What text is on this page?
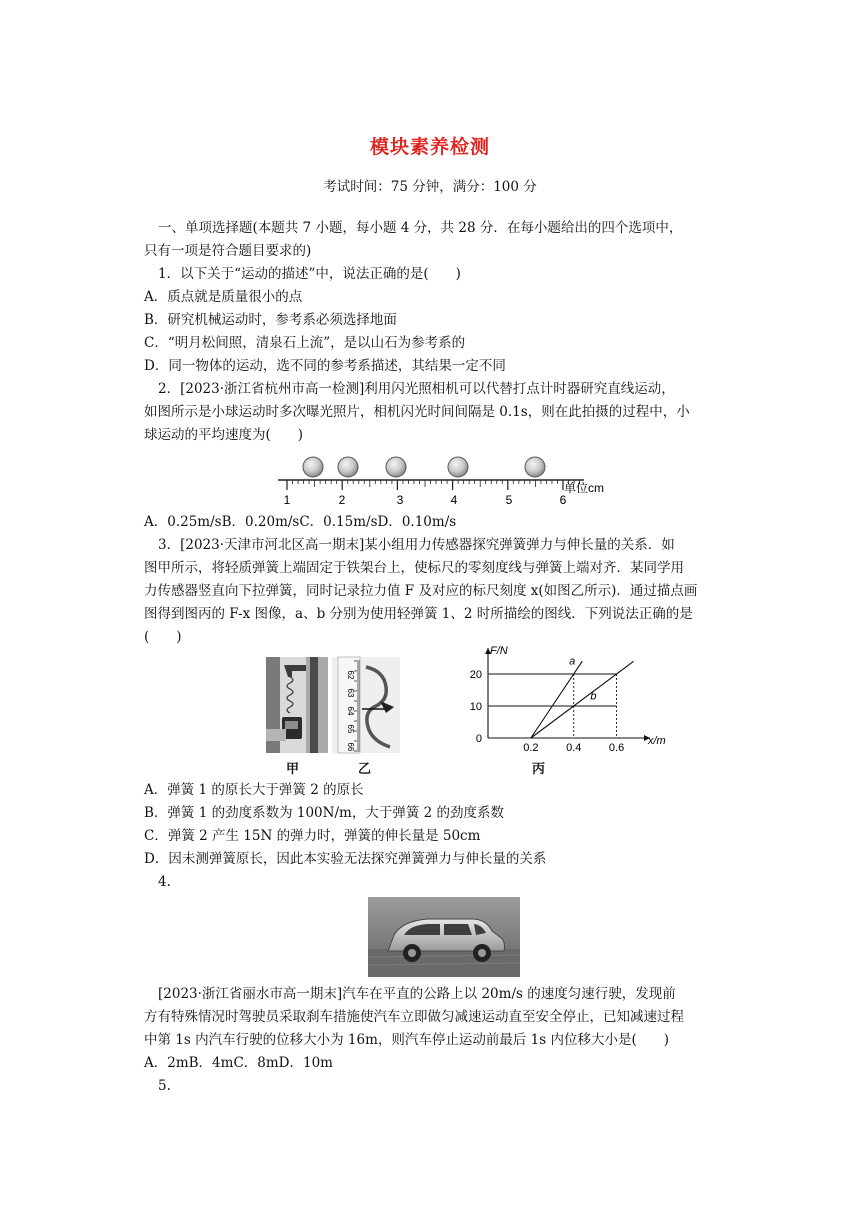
模块素养检测
考试时间：75 分钟，满分：100 分
一、单项选择题(本题共 7 小题，每小题 4 分，共 28 分．在每小题给出的四个选项中，
只有一项是符合题目要求的)
1．以下关于“运动的描述”中，说法正确的是(　　)
A．质点就是质量很小的点
B．研究机械运动时，参考系必须选择地面
C．“明月松间照，清泉石上流”，是以山石为参考系的
D．同一物体的运动，选不同的参考系描述，其结果一定不同
2．[2023·浙江省杭州市高一检测]利用闪光照相机可以代替打点计时器研究直线运动，
如图所示是小球运动时多次曝光照片，相机闪光时间间隔是 0.1s，则在此拍摄的过程中，小
球运动的平均速度为(　　)
1	2	3	4	5	6
单位cm
A．0.25m/sB．0.20m/sC．0.15m/sD．0.10m/s
3．[2023·天津市河北区高一期末]某小组用力传感器探究弹簧弹力与伸长量的关系．如
图甲所示，将轻质弹簧上端固定于铁架台上，使标尺的零刻度线与弹簧上端对齐．某同学用
力传感器竖直向下拉弹簧，同时记录拉力值 F 及对应的标尺刻度 x(如图乙所示)．通过描点画
图得到图丙的 F-x 图像，a、b 分别为使用轻弹簧 1、2 时所描绘的图线．下列说法正确的是
(　　)
甲
62
63
64
65
66
乙
F/N
x/m
0
10
20
0.2	0.4	0.6
a
b
丙
A．弹簧 1 的原长大于弹簧 2 的原长
B．弹簧 1 的劲度系数为 100N/m，大于弹簧 2 的劲度系数
C．弹簧 2 产生 15N 的弹力时，弹簧的伸长量是 50cm
D．因未测弹簧原长，因此本实验无法探究弹簧弹力与伸长量的关系
4.
[2023·浙江省丽水市高一期末]汽车在平直的公路上以 20m/s 的速度匀速行驶，发现前
方有特殊情况时驾驶员采取刹车措施使汽车立即做匀减速运动直至安全停止，已知减速过程
中第 1s 内汽车行驶的位移大小为 16m，则汽车停止运动前最后 1s 内位移大小是(　　)
A．2mB．4mC．8mD．10m
5.
